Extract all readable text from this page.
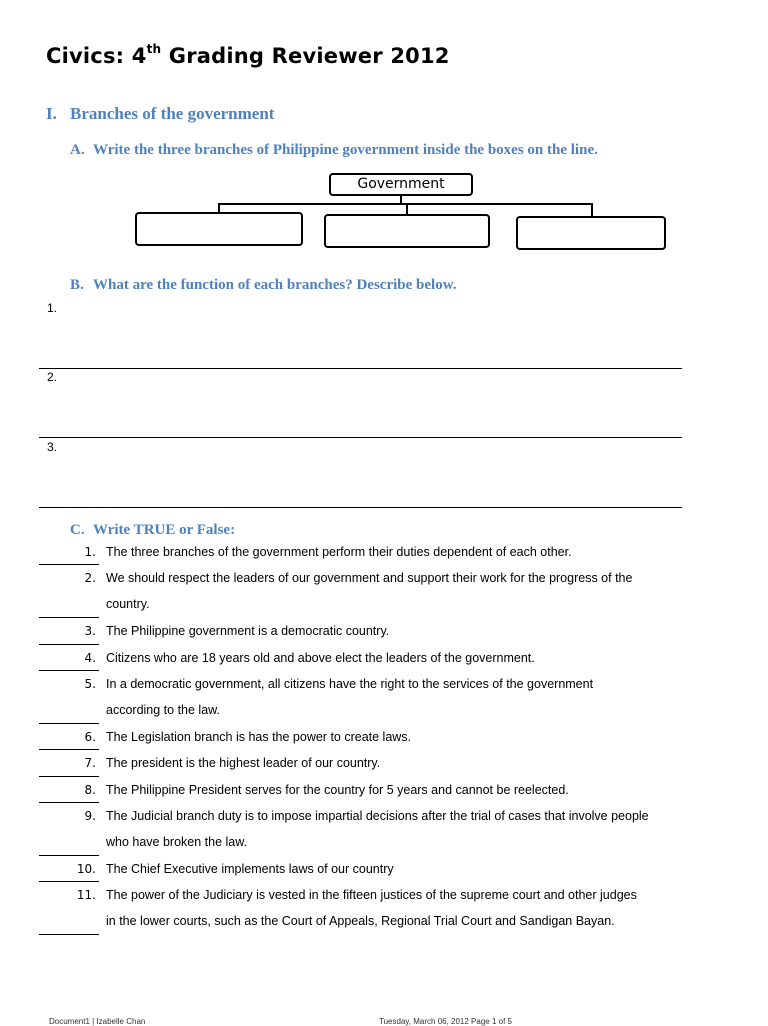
Civics: 4th Grading Reviewer 2012
I. Branches of the government
A. Write the three branches of Philippine government inside the boxes on the line.
Government
B. What are the function of each branches? Describe below.
1.
2.
3.
C. Write TRUE or False:
1. The three branches of the government perform their duties dependent of each other.
2. We should respect the leaders of our government and support their work for the progress of the
country.
3. The Philippine government is a democratic country.
4. Citizens who are 18 years old and above elect the leaders of the government.
5. In a democratic government, all citizens have the right to the services of the government
according to the law.
6. The Legislation branch is has the power to create laws.
7. The president is the highest leader of our country.
8. The Philippine President serves for the country for 5 years and cannot be reelected.
9. The Judicial branch duty is to impose impartial decisions after the trial of cases that involve people
who have broken the law.
10. The Chief Executive implements laws of our country
11. The power of the Judiciary is vested in the fifteen justices of the supreme court and other judges
in the lower courts, such as the Court of Appeals, Regional Trial Court and Sandigan Bayan.
Document1 | Izabelle Chan	Tuesday, March 06, 2012 Page 1 of 5
